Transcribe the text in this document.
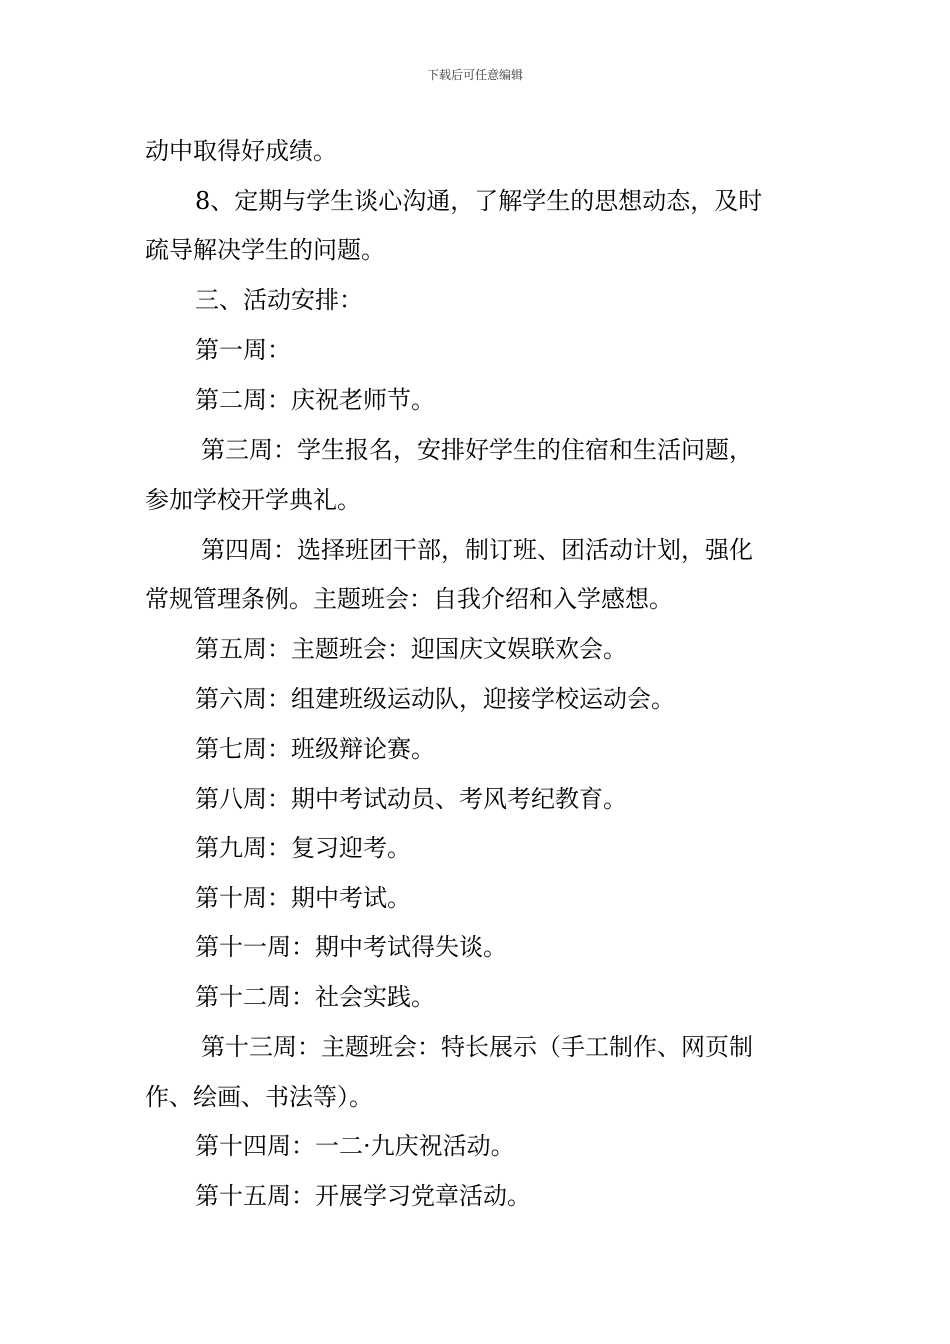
下载后可任意编辑
动中取得好成绩。
8、定期与学生谈心沟通，了解学生的思想动态，及时
疏导解决学生的问题。
三、活动安排：
第一周：
第二周：庆祝老师节。
第三周：学生报名，安排好学生的住宿和生活问题，
参加学校开学典礼。
第四周：选择班团干部，制订班、团活动计划，强化
常规管理条例。主题班会：自我介绍和入学感想。
第五周：主题班会：迎国庆文娱联欢会。
第六周：组建班级运动队，迎接学校运动会。
第七周：班级辩论赛。
第八周：期中考试动员、考风考纪教育。
第九周：复习迎考。
第十周：期中考试。
第十一周：期中考试得失谈。
第十二周：社会实践。
第十三周：主题班会：特长展示（手工制作、网页制
作、绘画、书法等）。
第十四周：一二·九庆祝活动。
第十五周：开展学习党章活动。
